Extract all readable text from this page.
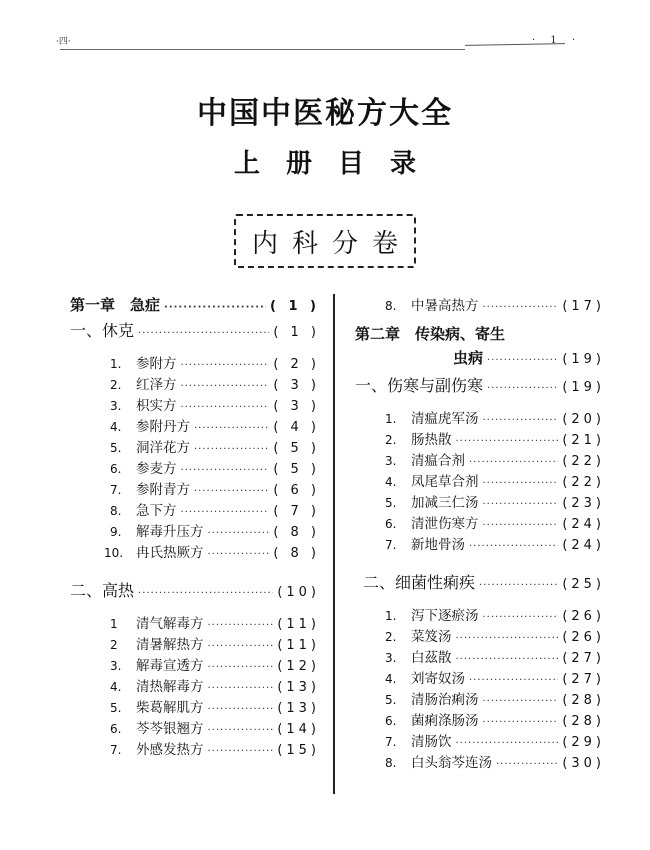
·四·	· 1 ·
中国中医秘方大全
上册目录
内科分卷
第一章　急症 ·····	( 1 )
一、休克 ·····	( 1 )
1.	参附方 ·····	( 2 )
2.	红泽方 ·····	( 3 )
3.	枳实方 ·····	( 3 )
4.	参附丹方 ·····	( 4 )
5.	洞洋花方 ·····	( 5 )
6.	参麦方 ·····	( 5 )
7.	参附青方 ·····	( 6 )
8.	急下方 ·····	( 7 )
9.	解毒升压方 ·····	( 8 )
10. 冉氏热厥方 ·····	( 8 )
二、高热 ·····	(10)
1	清气解毒方 ·····	(11)
2	清暑解热方 ·····	(11)
3.	解毒宣透方 ·····	(12)
4.	清热解毒方 ·····	(13)
5.	柴葛解肌方 ·····	(13)
6.	芩芩银翘方 ·····	(14)
7.	外感发热方 ·····	(15)
8.	中暑高热方 ·····	(17)
第二章　传染病、寄生
虫病 ·····	(19)
一、伤寒与副伤寒 ·····	(19)
1.	清瘟虎军汤 ·····	(20)
2.	肠热散 ·····	(21)
3.	清瘟合剂 ·····	(22)
4.	凤尾草合剂 ·····	(22)
5.	加减三仁汤 ·····	(23)
6.	清泄伤寒方 ·····	(24)
7.	新地骨汤 ·····	(24)
二、细菌性痢疾 ·····	(25)
1.	泻下逐瘀汤 ·····	(26)
2.	菜笈汤 ·····	(26)
3.	白茲散 ·····	(27)
4.	刘寄奴汤 ·····	(27)
5.	清肠治痢汤 ·····	(28)
6.	菌痢涤肠汤 ·····	(28)
7.	清肠饮 ·····	(29)
8.	白头翁芩连汤 ·····	(30)
